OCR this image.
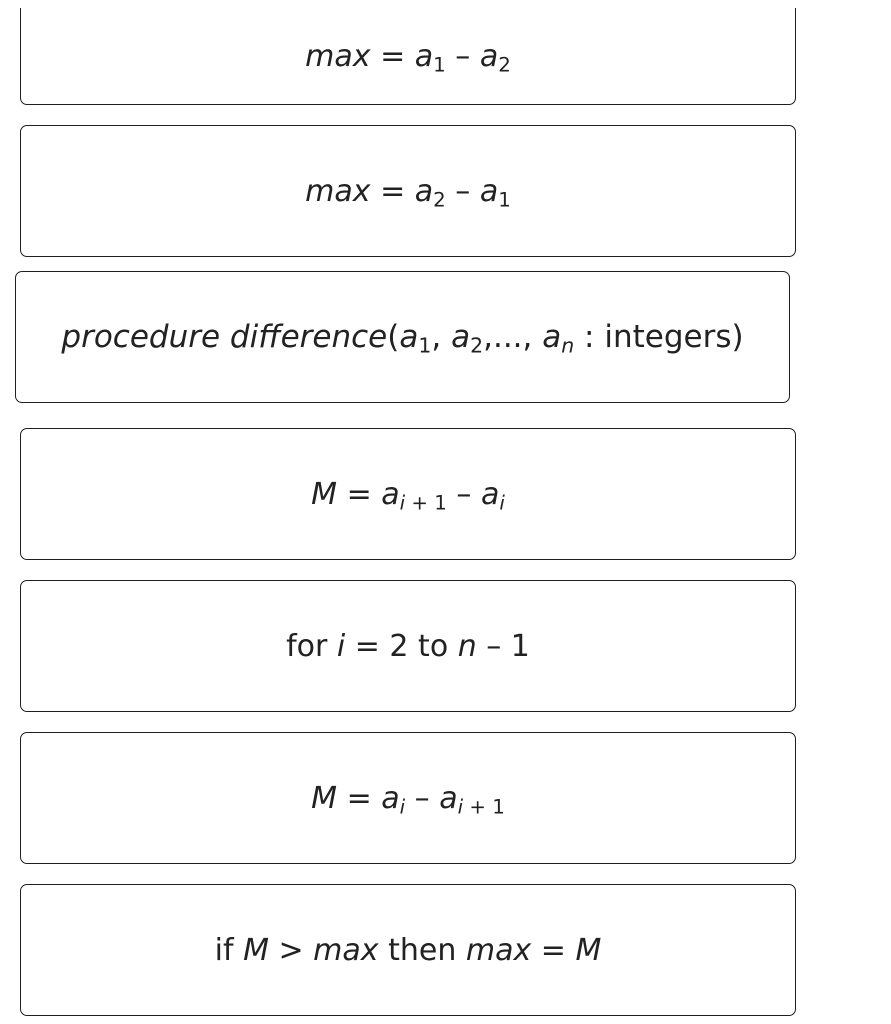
$\max = a_1 - a_2$
$\max = a_2 - a_1$
procedure $difference(a_1$, $a_2$,..., $a_n$ : integers)
$M = a_i$ $_{+ 1} - a_i$
for i = 2 to n – 1
$M = a_i - a_i$ $_{+ 1}$
if M > max then max = M
